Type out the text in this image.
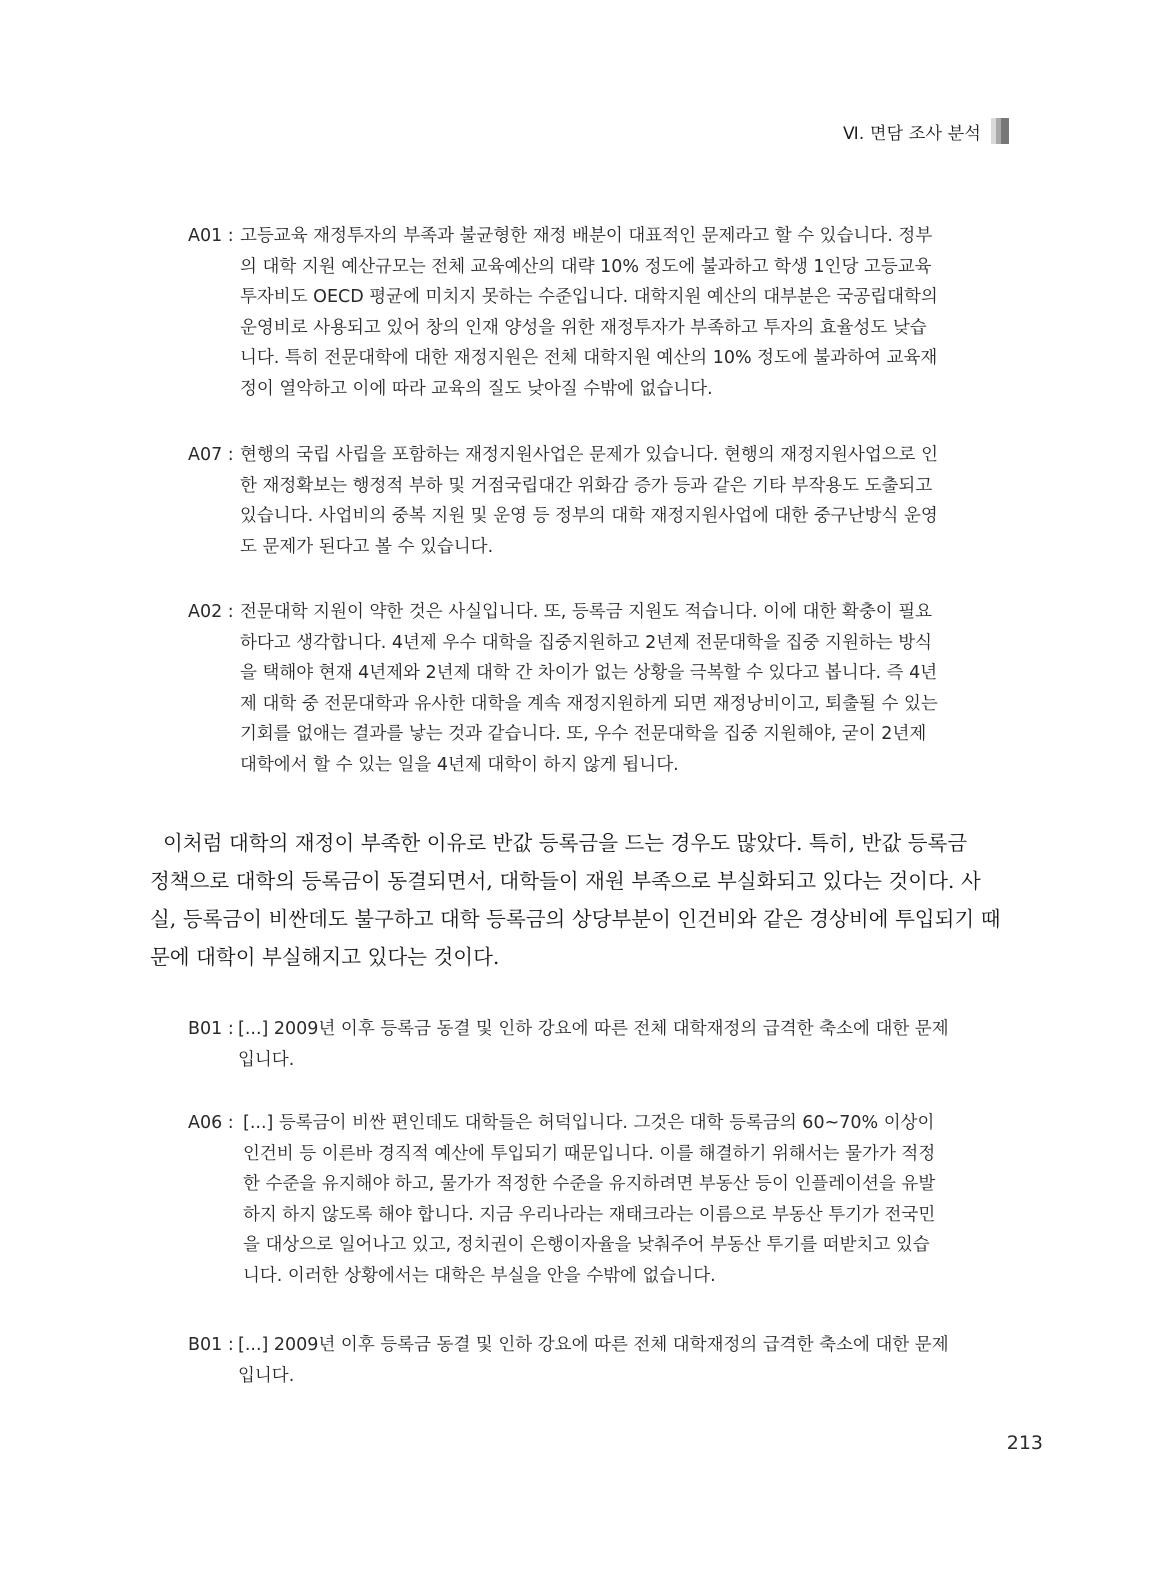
Ⅵ. 면담 조사 분석
A01 : 고등교육 재정투자의 부족과 불균형한 재정 배분이 대표적인 문제라고 할 수 있습니다. 정부
의 대학 지원 예산규모는 전체 교육예산의 대략 10% 정도에 불과하고 학생 1인당 고등교육
투자비도 OECD 평균에 미치지 못하는 수준입니다. 대학지원 예산의 대부분은 국공립대학의
운영비로 사용되고 있어 창의 인재 양성을 위한 재정투자가 부족하고 투자의 효율성도 낮습
니다. 특히 전문대학에 대한 재정지원은 전체 대학지원 예산의 10% 정도에 불과하여 교육재
정이 열악하고 이에 따라 교육의 질도 낮아질 수밖에 없습니다.
A07 : 현행의 국립 사립을 포함하는 재정지원사업은 문제가 있습니다. 현행의 재정지원사업으로 인
한 재정확보는 행정적 부하 및 거점국립대간 위화감 증가 등과 같은 기타 부작용도 도출되고
있습니다. 사업비의 중복 지원 및 운영 등 정부의 대학 재정지원사업에 대한 중구난방식 운영
도 문제가 된다고 볼 수 있습니다.
A02 : 전문대학 지원이 약한 것은 사실입니다. 또, 등록금 지원도 적습니다. 이에 대한 확충이 필요
하다고 생각합니다. 4년제 우수 대학을 집중지원하고 2년제 전문대학을 집중 지원하는 방식
을 택해야 현재 4년제와 2년제 대학 간 차이가 없는 상황을 극복할 수 있다고 봅니다. 즉 4년
제 대학 중 전문대학과 유사한 대학을 계속 재정지원하게 되면 재정낭비이고, 퇴출될 수 있는
기회를 없애는 결과를 낳는 것과 같습니다. 또, 우수 전문대학을 집중 지원해야, 굳이 2년제
대학에서 할 수 있는 일을 4년제 대학이 하지 않게 됩니다.
이처럼 대학의 재정이 부족한 이유로 반값 등록금을 드는 경우도 많았다. 특히, 반값 등록금
정책으로 대학의 등록금이 동결되면서, 대학들이 재원 부족으로 부실화되고 있다는 것이다. 사
실, 등록금이 비싼데도 불구하고 대학 등록금의 상당부분이 인건비와 같은 경상비에 투입되기 때
문에 대학이 부실해지고 있다는 것이다.
B01 : [...] 2009년 이후 등록금 동결 및 인하 강요에 따른 전체 대학재정의 급격한 축소에 대한 문제
입니다.
A06 : [...] 등록금이 비싼 편인데도 대학들은 허덕입니다. 그것은 대학 등록금의 60~70% 이상이
인건비 등 이른바 경직적 예산에 투입되기 때문입니다. 이를 해결하기 위해서는 물가가 적정
한 수준을 유지해야 하고, 물가가 적정한 수준을 유지하려면 부동산 등이 인플레이션을 유발
하지 하지 않도록 해야 합니다. 지금 우리나라는 재태크라는 이름으로 부동산 투기가 전국민
을 대상으로 일어나고 있고, 정치권이 은행이자율을 낮춰주어 부동산 투기를 떠받치고 있습
니다. 이러한 상황에서는 대학은 부실을 안을 수밖에 없습니다.
B01 : [...] 2009년 이후 등록금 동결 및 인하 강요에 따른 전체 대학재정의 급격한 축소에 대한 문제
입니다.
213
